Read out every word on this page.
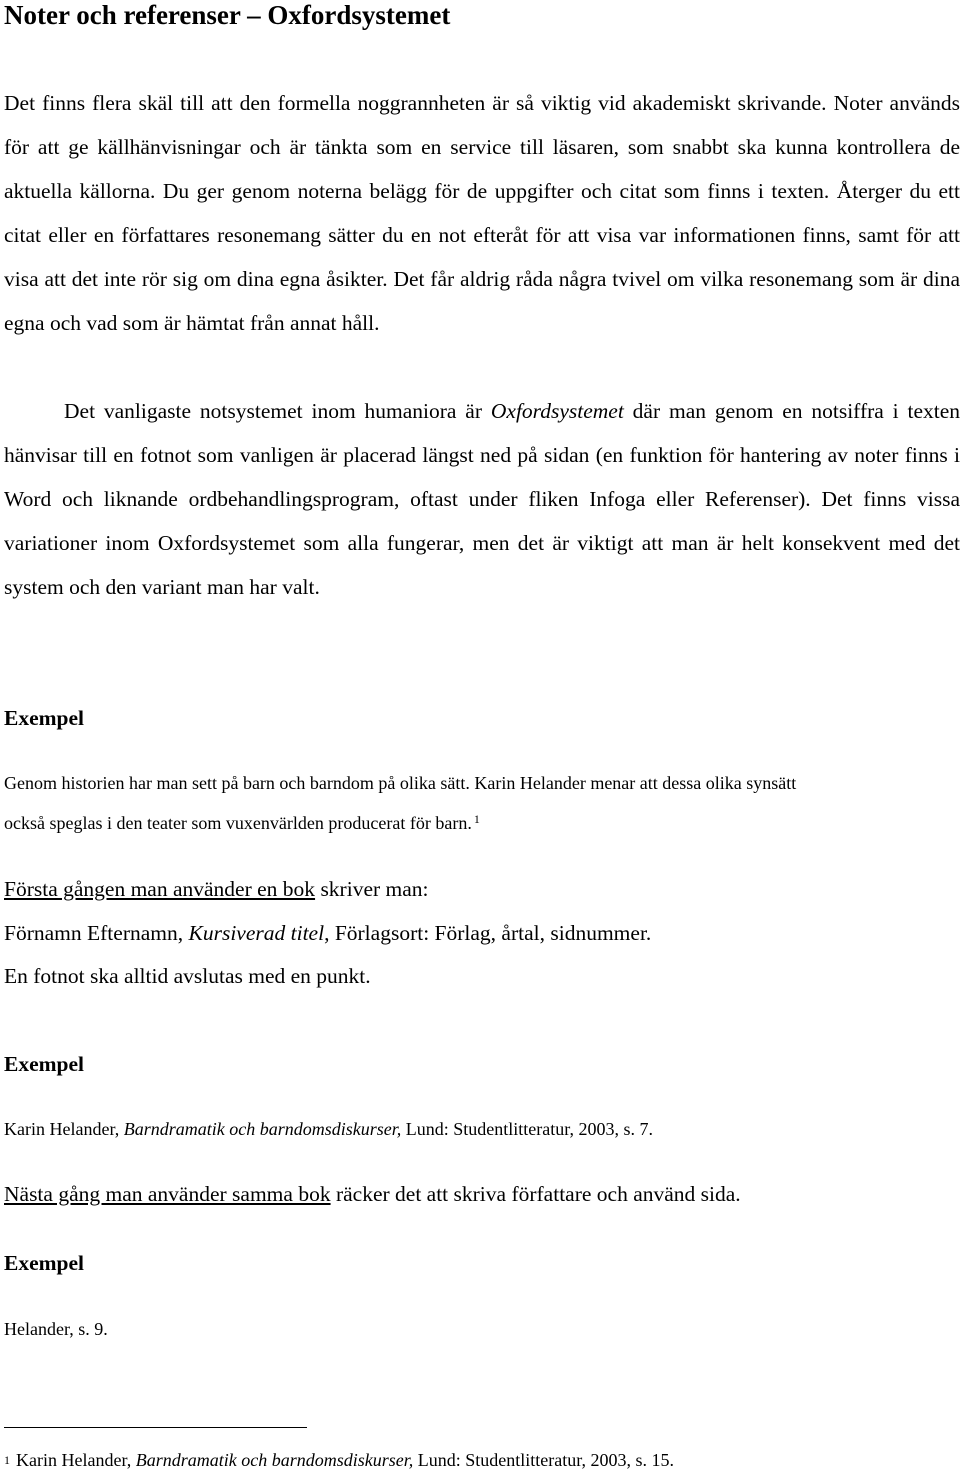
Noter och referenser – Oxfordsystemet

Det finns flera skäl till att den formella noggrannheten är så viktig vid akademiskt skrivande. Noter används för att ge källhänvisningar och är tänkta som en service till läsaren, som snabbt ska kunna kontrollera de aktuella källorna. Du ger genom noterna belägg för de uppgifter och citat som finns i texten. Återger du ett citat eller en författares resonemang sätter du en not efteråt för att visa var informationen finns, samt för att visa att det inte rör sig om dina egna åsikter. Det får aldrig råda några tvivel om vilka resonemang som är dina egna och vad som är hämtat från annat håll.

Det vanligaste notsystemet inom humaniora är Oxfordsystemet där man genom en notsiffra i texten hänvisar till en fotnot som vanligen är placerad längst ned på sidan (en funktion för hantering av noter finns i Word och liknande ordbehandlingsprogram, oftast under fliken Infoga eller Referenser). Det finns vissa variationer inom Oxfordsystemet som alla fungerar, men det är viktigt att man är helt konsekvent med det system och den variant man har valt.

Exempel
Genom historien har man sett på barn och barndom på olika sätt. Karin Helander menar att dessa olika synsätt
också speglas i den teater som vuxenvärlden producerat för barn. $^1$
Första gången man använder en bok skriver man:
Förnamn Efternamn, Kursiverad titel, Förlagsort: Förlag, årtal, sidnummer.
En fotnot ska alltid avslutas med en punkt.
Exempel
Karin Helander, Barndramatik och barndomsdiskurser, Lund: Studentlitteratur, 2003, s. 7.
Nästa gång man använder samma bok räcker det att skriva författare och använd sida.
Exempel
Helander, s. 9.
$^1$ Karin Helander, Barndramatik och barndomsdiskurser, Lund: Studentlitteratur, 2003, s. 15.
